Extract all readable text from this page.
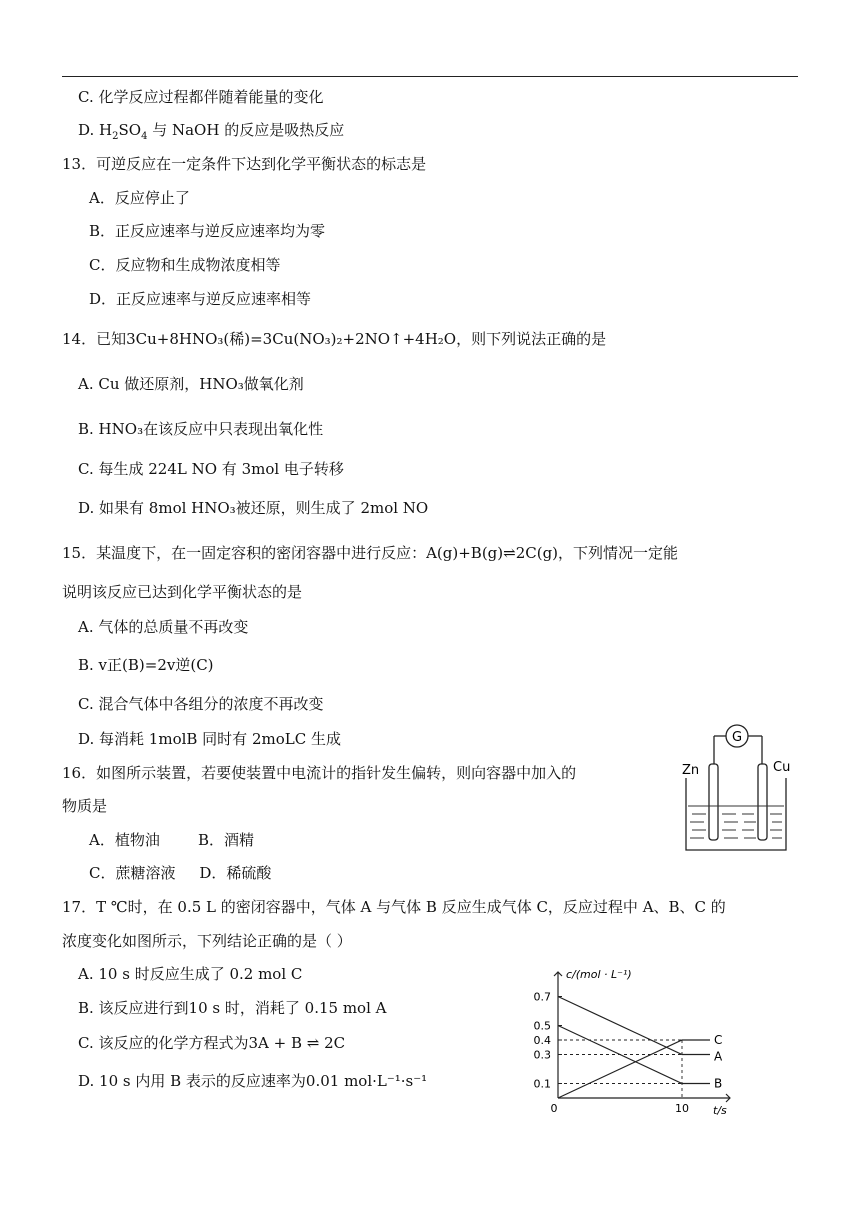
C. 化学反应过程都伴随着能量的变化
D. $H_2SO_4$ 与 NaOH 的反应是吸热反应
13．可逆反应在一定条件下达到化学平衡状态的标志是
A．反应停止了
B．正反应速率与逆反应速率均为零
C．反应物和生成物浓度相等
D．正反应速率与逆反应速率相等
14．已知3Cu+8HNO₃(稀)=3Cu(NO₃)₂+2NO↑+4H₂O，则下列说法正确的是
A. Cu 做还原剂，HNO₃做氧化剂
B. HNO₃在该反应中只表现出氧化性
C. 每生成 224L NO 有 3mol 电子转移
D. 如果有 8mol HNO₃被还原，则生成了 2mol NO
15．某温度下，在一固定容积的密闭容器中进行反应：A(g)+B(g)⇌2C(g)，下列情况一定能
说明该反应已达到化学平衡状态的是
A. 气体的总质量不再改变
B. v正(B)=2v逆(C)
C. 混合气体中各组分的浓度不再改变
D. 每消耗 1molB 同时有 2moLC 生成
16．如图所示装置，若要使装置中电流计的指针发生偏转，则向容器中加入的
物质是
A．植物油        B．酒精
C．蔗糖溶液     D．稀硫酸
G
Zn	Cu
17．T ℃时，在 0.5 L 的密闭容器中，气体 A 与气体 B 反应生成气体 C，反应过程中 A、B、C 的
浓度变化如图所示，下列结论正确的是（ ）
A. 10 s 时反应生成了 0.2 mol C
B. 该反应进行到10 s 时，消耗了 0.15 mol A
C. 该反应的化学方程式为3A + B ⇌ 2C
D. 10 s 内用 B 表示的反应速率为0.01 mol·L⁻¹·s⁻¹
c/(mol · L⁻¹)
t/s
0.7
0.5
0.4
0.3
0.1
0	10
A
B
C
